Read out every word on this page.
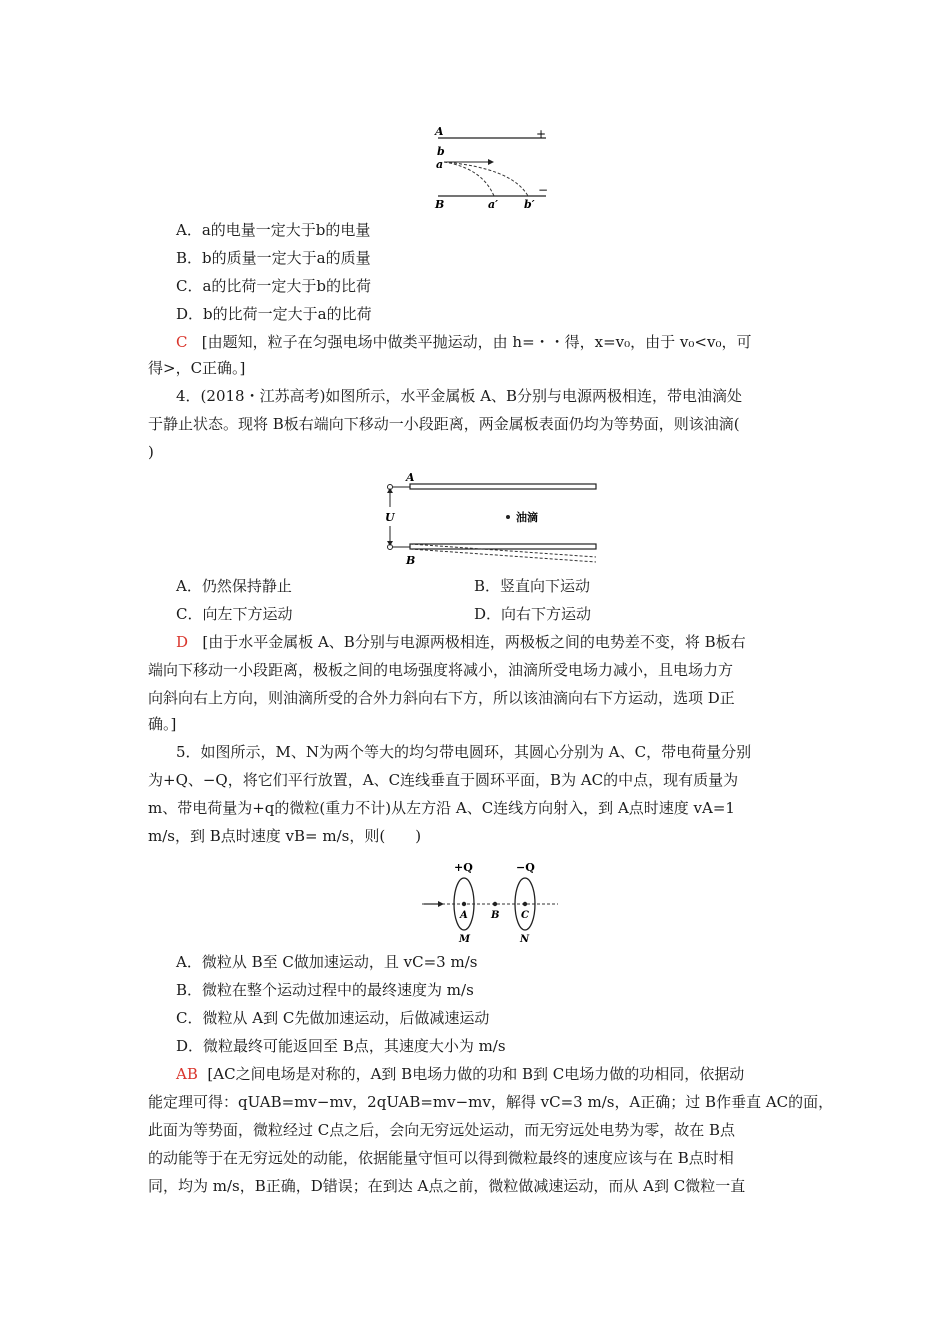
A	+
b
a
−
B	a′ b′
A．a的电量一定大于b的电量
B．b的质量一定大于a的质量
C．a的比荷一定大于b的比荷
D．b的比荷一定大于a的比荷
C [由题知，粒子在匀强电场中做类平抛运动，由 h=・・得，x=v₀，由于 v₀<v₀，可
得>，C正确。]
4．(2018・江苏高考)如图所示，水平金属板 A、B分别与电源两极相连，带电油滴处
于静止状态。现将 B板右端向下移动一小段距离，两金属板表面仍均为等势面，则该油滴(
)
A
U
B
油滴
A．仍然保持静止	B．竖直向下运动
C．向左下方运动	D．向右下方运动
D [由于水平金属板 A、B分别与电源两极相连，两极板之间的电势差不变，将 B板右
端向下移动一小段距离，极板之间的电场强度将减小，油滴所受电场力减小，且电场力方
向斜向右上方向，则油滴所受的合外力斜向右下方，所以该油滴向右下方运动，选项 D正
确。]
5．如图所示，M、N为两个等大的均匀带电圆环，其圆心分别为 A、C，带电荷量分别
为+Q、−Q，将它们平行放置，A、C连线垂直于圆环平面，B为 AC的中点，现有质量为
m、带电荷量为+q的微粒(重力不计)从左方沿 A、C连线方向射入，到 A点时速度 vA=1
m/s，到 B点时速度 vB= m/s，则(　　)
+Q	−Q
A B C
M	N
A．微粒从 B至 C做加速运动，且 vC=3 m/s
B．微粒在整个运动过程中的最终速度为 m/s
C．微粒从 A到 C先做加速运动，后做减速运动
D．微粒最终可能返回至 B点，其速度大小为 m/s
AB [AC之间电场是对称的，A到 B电场力做的功和 B到 C电场力做的功相同，依据动
能定理可得：qUAB=mv−mv，2qUAB=mv−mv，解得 vC=3 m/s，A正确；过 B作垂直 AC的面，
此面为等势面，微粒经过 C点之后，会向无穷远处运动，而无穷远处电势为零，故在 B点
的动能等于在无穷远处的动能，依据能量守恒可以得到微粒最终的速度应该与在 B点时相
同，均为 m/s，B正确，D错误；在到达 A点之前，微粒做减速运动，而从 A到 C微粒一直
